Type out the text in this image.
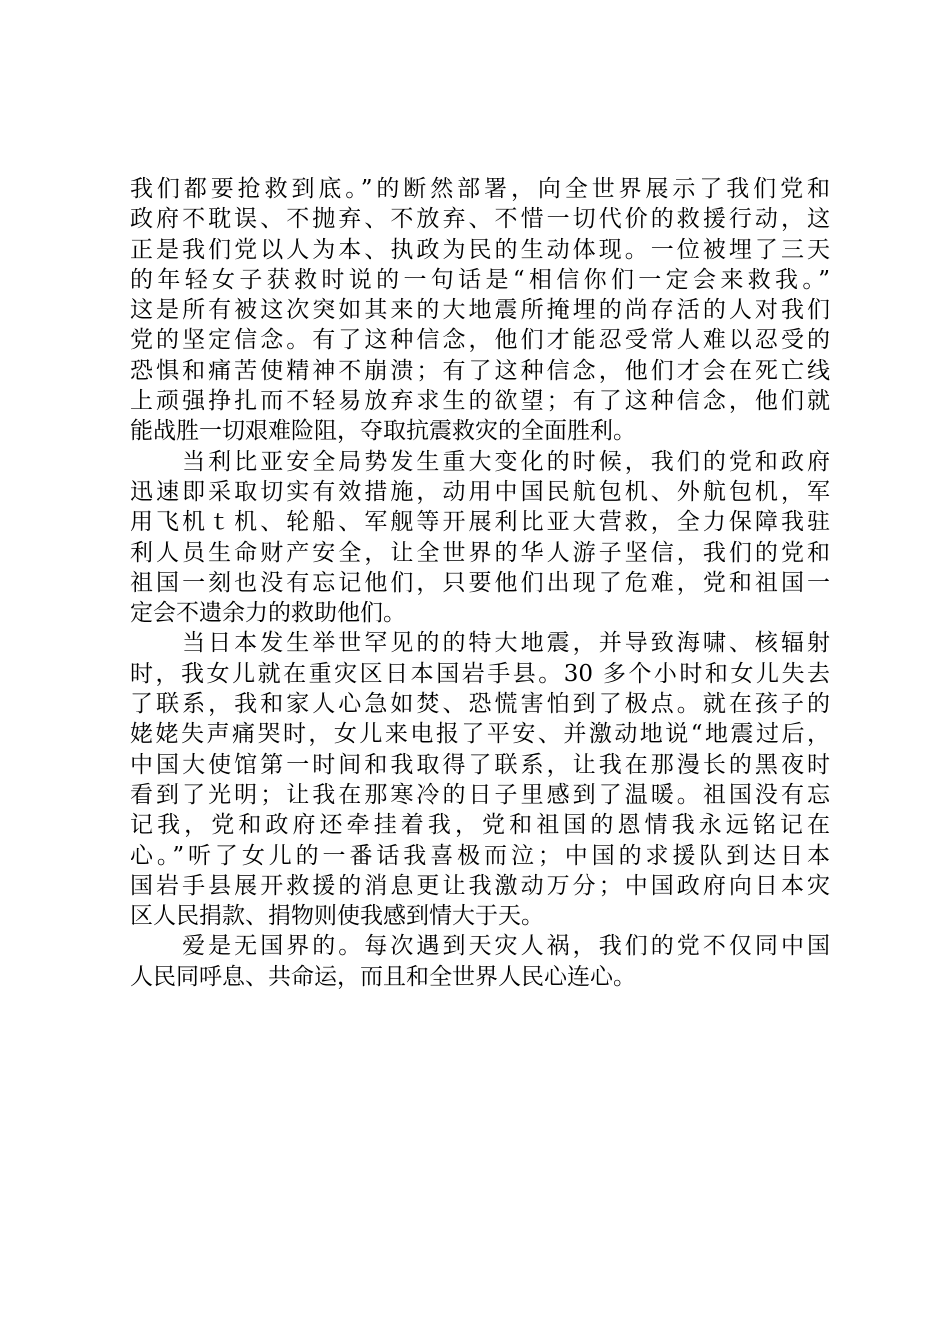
我们都要抢救到底。”的断然部署，向全世界展示了我们党和
政府不耽误、不抛弃、不放弃、不惜一切代价的救援行动，这
正是我们党以人为本、执政为民的生动体现。一位被埋了三天
的年轻女子获救时说的一句话是“相信你们一定会来救我。”
这是所有被这次突如其来的大地震所掩埋的尚存活的人对我们
党的坚定信念。有了这种信念，他们才能忍受常人难以忍受的
恐惧和痛苦使精神不崩溃；有了这种信念，他们才会在死亡线
上顽强挣扎而不轻易放弃求生的欲望；有了这种信念，他们就
能战胜一切艰难险阻，夺取抗震救灾的全面胜利。
　　当利比亚安全局势发生重大变化的时候，我们的党和政府
迅速即采取切实有效措施，动用中国民航包机、外航包机，军
用飞机ｔ机、轮船、军舰等开展利比亚大营救，全力保障我驻
利人员生命财产安全，让全世界的华人游子坚信，我们的党和
祖国一刻也没有忘记他们，只要他们出现了危难，党和祖国一
定会不遗余力的救助他们。
　　当日本发生举世罕见的的特大地震，并导致海啸、核辐射
时，我女儿就在重灾区日本国岩手县。30 多个小时和女儿失去
了联系，我和家人心急如焚、恐慌害怕到了极点。就在孩子的
姥姥失声痛哭时，女儿来电报了平安、并激动地说“地震过后，
中国大使馆第一时间和我取得了联系，让我在那漫长的黑夜时
看到了光明；让我在那寒冷的日子里感到了温暖。祖国没有忘
记我，党和政府还牵挂着我，党和祖国的恩情我永远铭记在
心。”听了女儿的一番话我喜极而泣；中国的求援队到达日本
国岩手县展开救援的消息更让我激动万分；中国政府向日本灾
区人民捐款、捐物则使我感到情大于天。
　　爱是无国界的。每次遇到天灾人祸，我们的党不仅同中国
人民同呼息、共命运，而且和全世界人民心连心。
